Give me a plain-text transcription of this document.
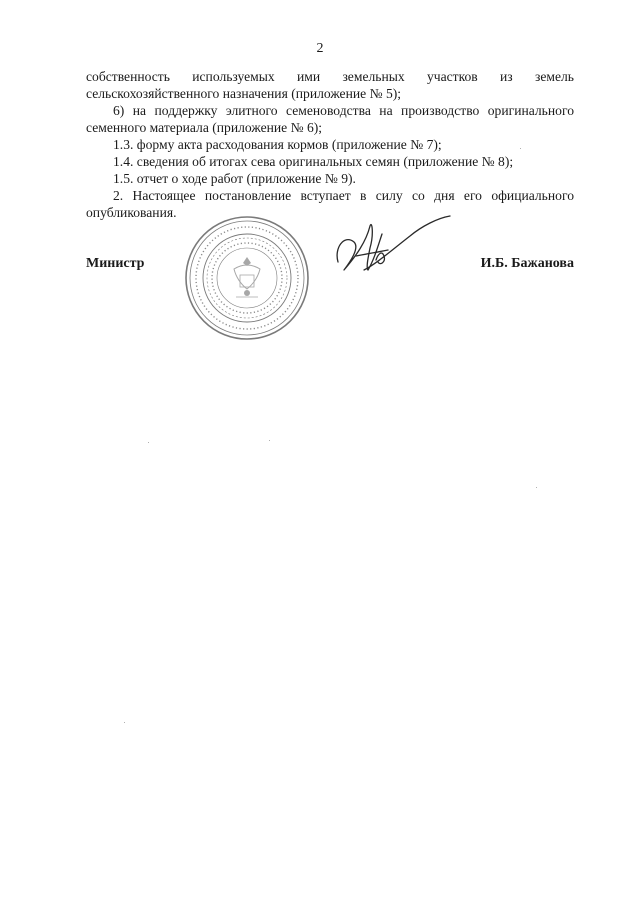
2

собственность используемых ими земельных участков из земель сельскохозяйственного назначения (приложение № 5);

6) на поддержку элитного семеноводства на производство оригинального семенного материала (приложение № 6);

1.3. форму акта расходования кормов (приложение № 7);

1.4. сведения об итогах сева оригинальных семян (приложение № 8);

1.5. отчет о ходе работ (приложение № 9).

2. Настоящее постановление вступает в силу со дня его официального опубликования.

Министр	И.Б. Бажанова
